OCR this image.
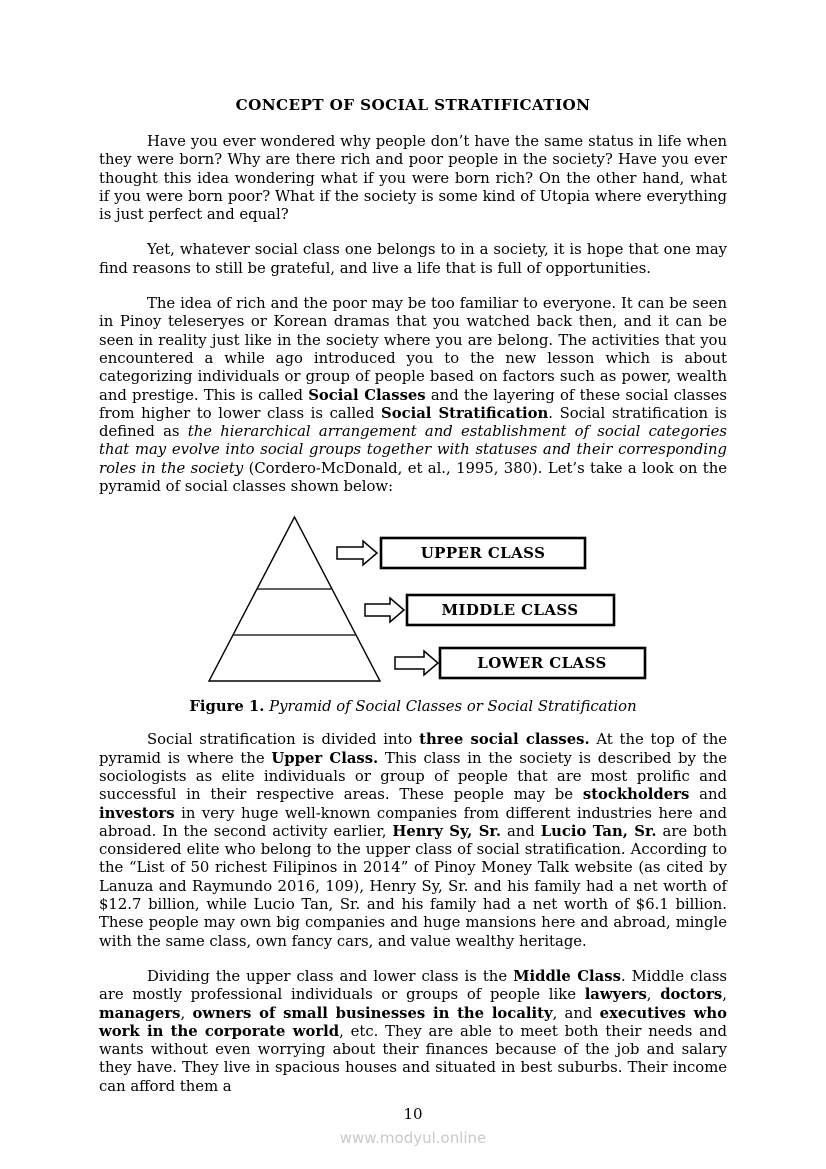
CONCEPT OF SOCIAL STRATIFICATION

Have you ever wondered why people don’t have the same status in life when they were born? Why are there rich and poor people in the society? Have you ever thought this idea wondering what if you were born rich? On the other hand, what if you were born poor? What if the society is some kind of Utopia where everything is just perfect and equal?

Yet, whatever social class one belongs to in a society, it is hope that one may find reasons to still be grateful, and live a life that is full of opportunities.

The idea of rich and the poor may be too familiar to everyone. It can be seen in Pinoy teleseryes or Korean dramas that you watched back then, and it can be seen in reality just like in the society where you are belong. The activities that you encountered a while ago introduced you to the new lesson which is about categorizing individuals or group of people based on factors such as power, wealth and prestige. This is called Social Classes and the layering of these social classes from higher to lower class is called Social Stratification. Social stratification is defined as the hierarchical arrangement and establishment of social categories that may evolve into social groups together with statuses and their corresponding roles in the society (Cordero-McDonald, et al., 1995, 380). Let’s take a look on the pyramid of social classes shown below:

UPPER CLASS
MIDDLE CLASS
LOWER CLASS

Figure 1. Pyramid of Social Classes or Social Stratification

Social stratification is divided into three social classes. At the top of the pyramid is where the Upper Class. This class in the society is described by the sociologists as elite individuals or group of people that are most prolific and successful in their respective areas. These people may be stockholders and investors in very huge well-known companies from different industries here and abroad. In the second activity earlier, Henry Sy, Sr. and Lucio Tan, Sr. are both considered elite who belong to the upper class of social stratification. According to the “List of 50 richest Filipinos in 2014” of Pinoy Money Talk website (as cited by Lanuza and Raymundo 2016, 109), Henry Sy, Sr. and his family had a net worth of $12.7 billion, while Lucio Tan, Sr. and his family had a net worth of $6.1 billion. These people may own big companies and huge mansions here and abroad, mingle with the same class, own fancy cars, and value wealthy heritage.

Dividing the upper class and lower class is the Middle Class. Middle class are mostly professional individuals or groups of people like lawyers, doctors, managers, owners of small businesses in the locality, and executives who work in the corporate world, etc. They are able to meet both their needs and wants without even worrying about their finances because of the job and salary they have. They live in spacious houses and situated in best suburbs. Their income can afford them a

10
www.modyul.online
